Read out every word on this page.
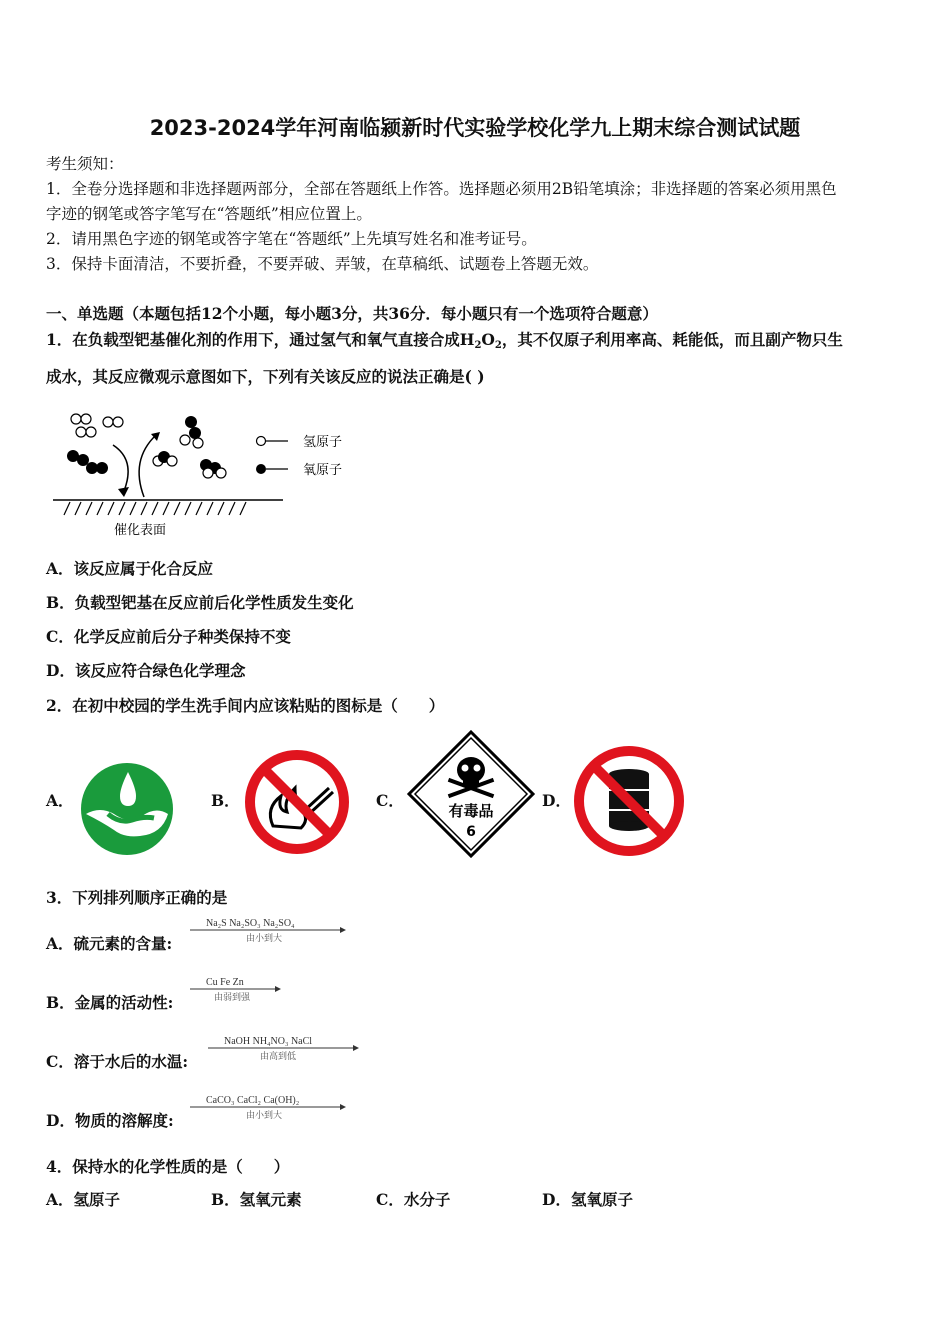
2023-2024学年河南临颍新时代实验学校化学九上期末综合测试试题
考生须知：
1．全卷分选择题和非选择题两部分，全部在答题纸上作答。选择题必须用2B铅笔填涂；非选择题的答案必须用黑色
字迹的钢笔或答字笔写在“答题纸”相应位置上。
2．请用黑色字迹的钢笔或答字笔在“答题纸”上先填写姓名和准考证号。
3．保持卡面清洁，不要折叠，不要弄破、弄皱，在草稿纸、试题卷上答题无效。
一、单选题（本题包括12个小题，每小题3分，共36分．每小题只有一个选项符合题意）
1．在负载型钯基催化剂的作用下，通过氢气和氧气直接合成$H_2O_2$，其不仅原子利用率高、耗能低，而且副产物只生
成水，其反应微观示意图如下，下列有关该反应的说法正确是( )
催化表面
氢原子
氧原子
A．该反应属于化合反应
B．负载型钯基在反应前后化学性质发生变化
C．化学反应前后分子种类保持不变
D．该反应符合绿色化学理念
2．在初中校园的学生洗手间内应该粘贴的图标是（　　）
A．	B．	C．
有毒品
6
D．
3．下列排列顺序正确的是
A．硫元素的含量:
Na₂S Na₂SO₃ Na₂SO₄
由小到大
B．金属的活动性:
Cu Fe Zn
由弱到强
C．溶于水后的水温:
NaOH NH₄NO₃ NaCl
由高到低
D．物质的溶解度:
CaCO₃ CaCl₂ Ca(OH)₂
由小到大
4．保持水的化学性质的是（　　）
A．氢原子	B．氢氧元素	C．水分子	D．氢氧原子
